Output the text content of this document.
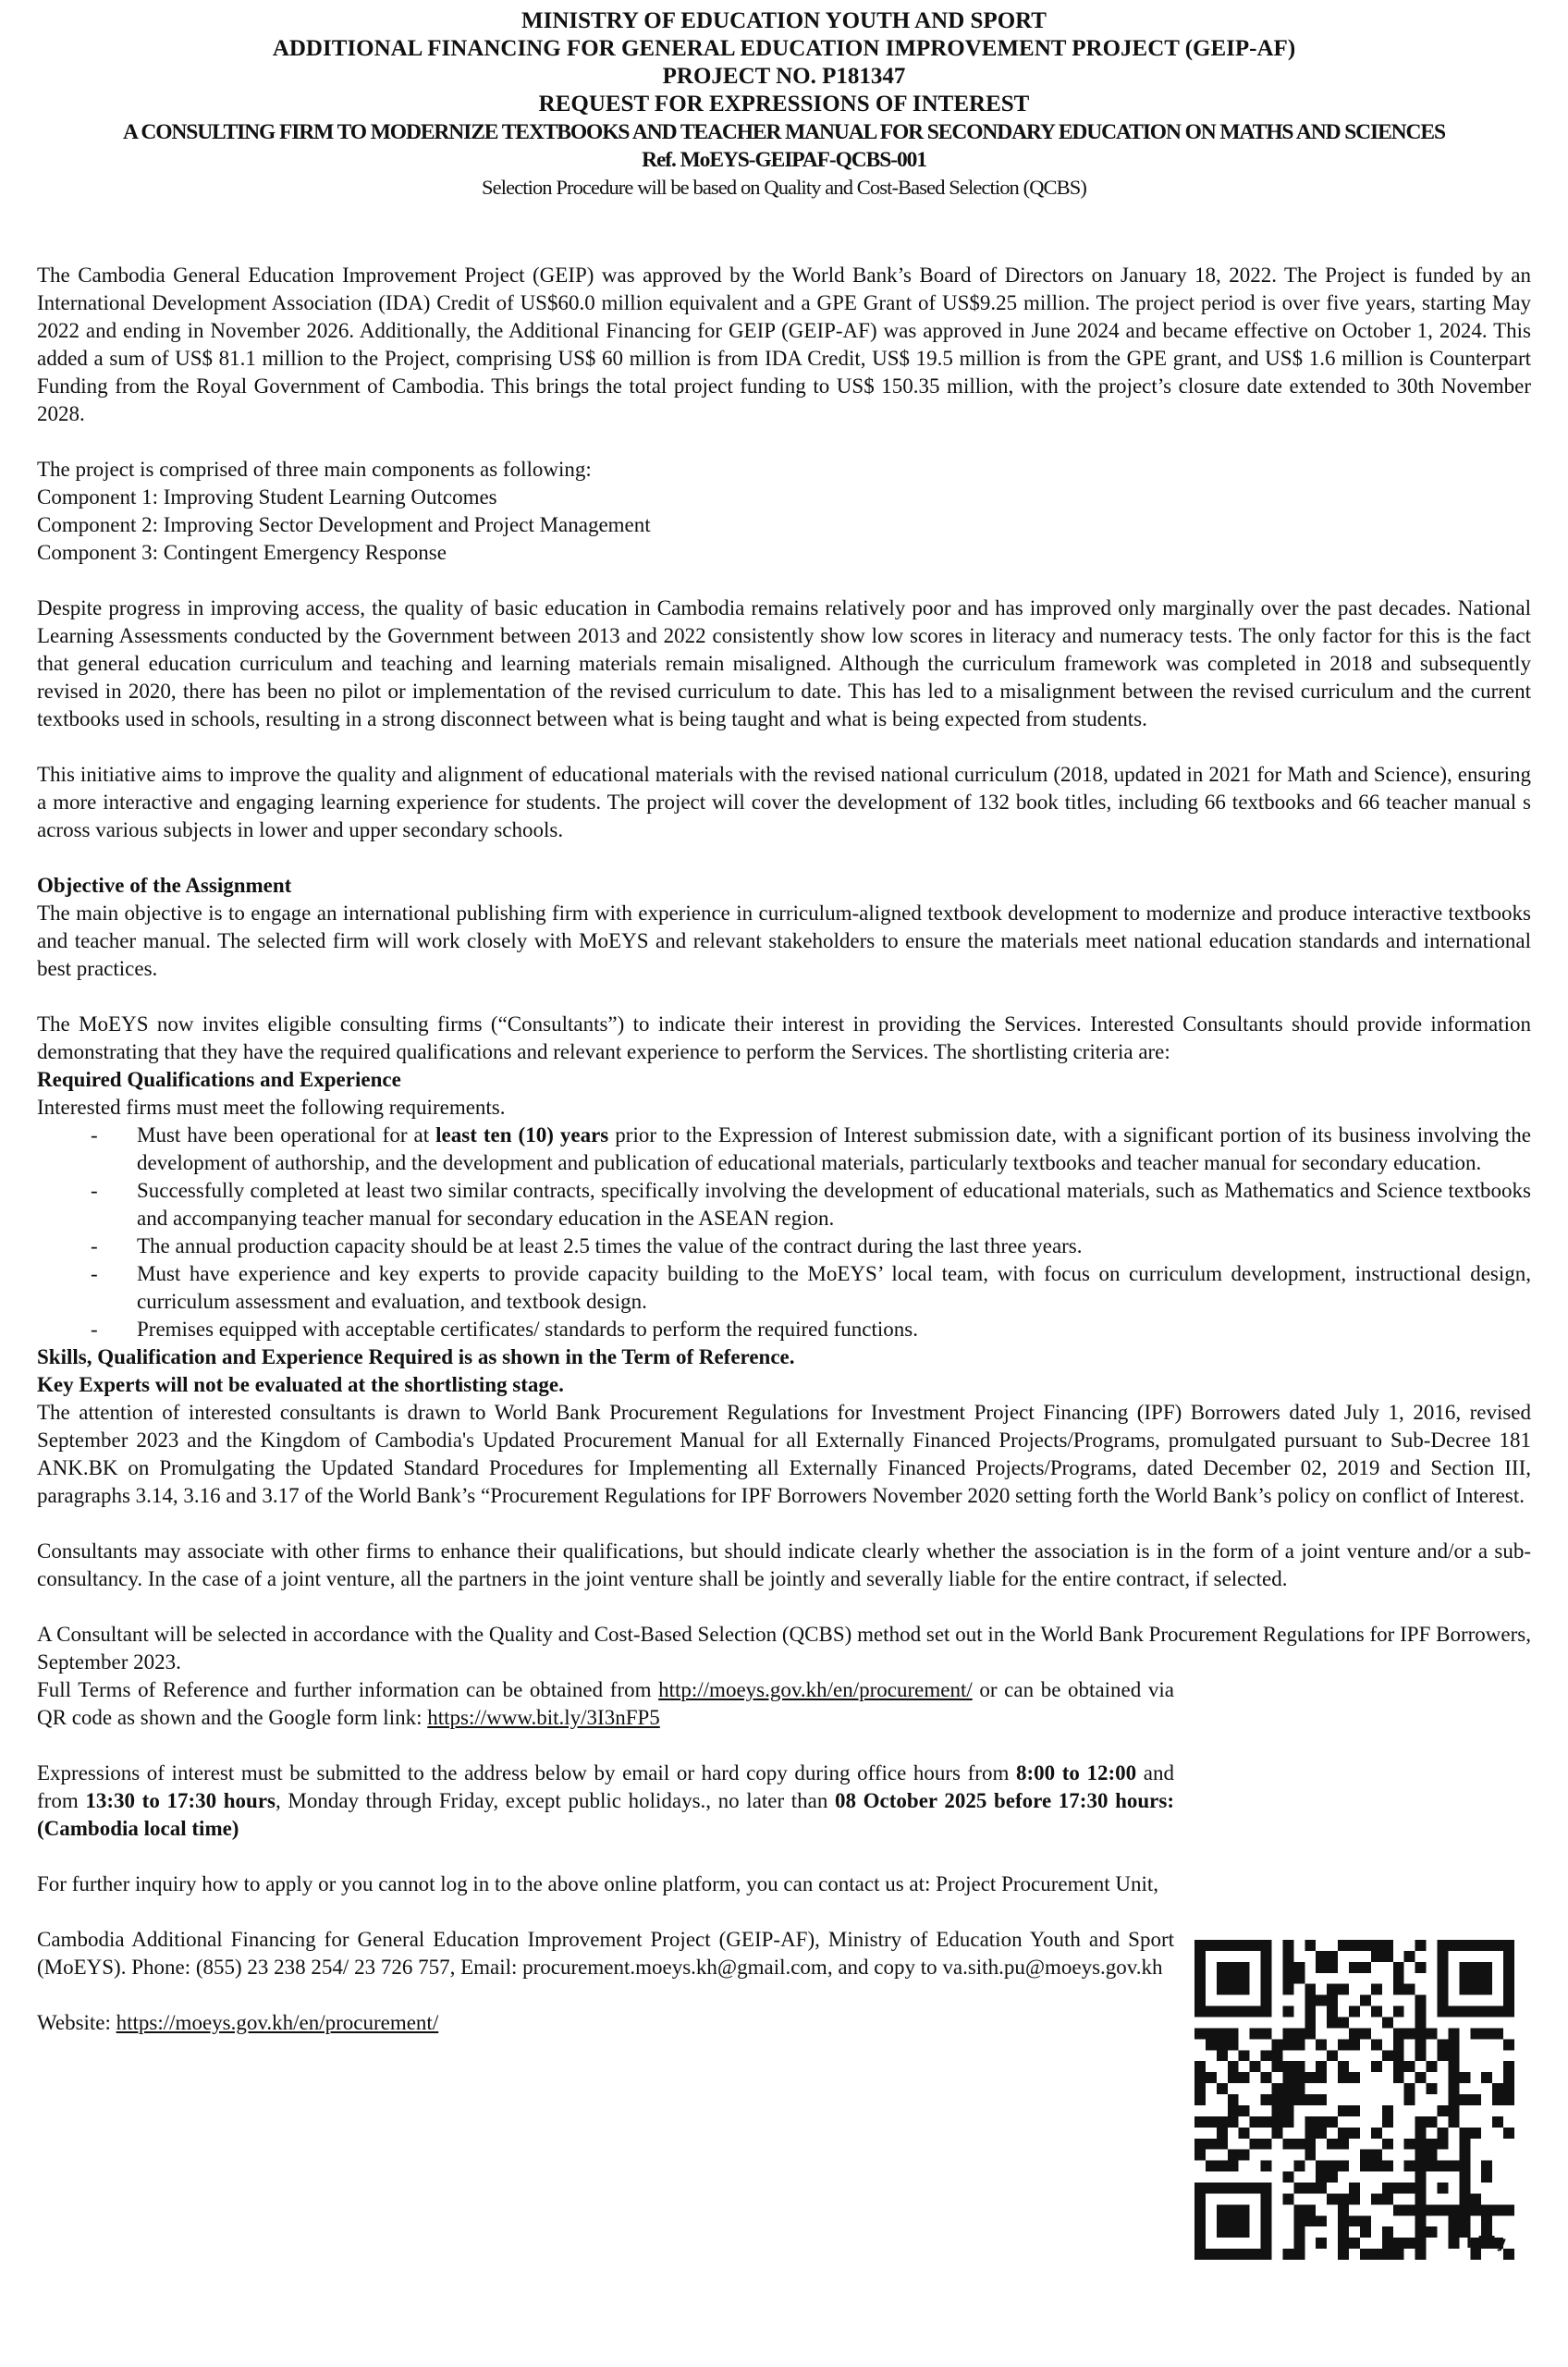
MINISTRY OF EDUCATION YOUTH AND SPORT
ADDITIONAL FINANCING FOR GENERAL EDUCATION IMPROVEMENT PROJECT (GEIP-AF)
PROJECT NO. P181347
REQUEST FOR EXPRESSIONS OF INTEREST
A CONSULTING FIRM TO MODERNIZE TEXTBOOKS AND TEACHER MANUAL FOR SECONDARY EDUCATION ON MATHS AND SCIENCES
Ref. MoEYS-GEIPAF-QCBS-001
Selection Procedure will be based on Quality and Cost-Based Selection (QCBS)

The Cambodia General Education Improvement Project (GEIP) was approved by the World Bank’s Board of Directors on January 18, 2022. The Project is funded by an International Development Association (IDA) Credit of US$60.0 million equivalent and a GPE Grant of US$9.25 million. The project period is over five years, starting May 2022 and ending in November 2026. Additionally, the Additional Financing for GEIP (GEIP-AF) was approved in June 2024 and became effective on October 1, 2024. This added a sum of US$ 81.1 million to the Project, comprising US$ 60 million is from IDA Credit, US$ 19.5 million is from the GPE grant, and US$ 1.6 million is Counterpart Funding from the Royal Government of Cambodia. This brings the total project funding to US$ 150.35 million, with the project’s closure date extended to 30th November 2028.

The project is comprised of three main components as following:
Component 1: Improving Student Learning Outcomes
Component 2: Improving Sector Development and Project Management
Component 3: Contingent Emergency Response

Despite progress in improving access, the quality of basic education in Cambodia remains relatively poor and has improved only marginally over the past decades. National Learning Assessments conducted by the Government between 2013 and 2022 consistently show low scores in literacy and numeracy tests. The only factor for this is the fact that general education curriculum and teaching and learning materials remain misaligned. Although the curriculum framework was completed in 2018 and subsequently revised in 2020, there has been no pilot or implementation of the revised curriculum to date. This has led to a misalignment between the revised curriculum and the current textbooks used in schools, resulting in a strong disconnect between what is being taught and what is being expected from students.

This initiative aims to improve the quality and alignment of educational materials with the revised national curriculum (2018, updated in 2021 for Math and Science), ensuring a more interactive and engaging learning experience for students. The project will cover the development of 132 book titles, including 66 textbooks and 66 teacher manual s across various subjects in lower and upper secondary schools.

Objective of the Assignment

The main objective is to engage an international publishing firm with experience in curriculum-aligned textbook development to modernize and produce interactive textbooks and teacher manual. The selected firm will work closely with MoEYS and relevant stakeholders to ensure the materials meet national education standards and international best practices.

The MoEYS now invites eligible consulting firms (“Consultants”) to indicate their interest in providing the Services. Interested Consultants should provide information demonstrating that they have the required qualifications and relevant experience to perform the Services. The shortlisting criteria are:

Required Qualifications and Experience
Interested firms must meet the following requirements.
- Must have been operational for at least ten (10) years prior to the Expression of Interest submission date, with a significant portion of its business involving the development of authorship, and the development and publication of educational materials, particularly textbooks and teacher manual for secondary education.
- Successfully completed at least two similar contracts, specifically involving the development of educational materials, such as Mathematics and Science textbooks and accompanying teacher manual for secondary education in the ASEAN region.
- The annual production capacity should be at least 2.5 times the value of the contract during the last three years.
- Must have experience and key experts to provide capacity building to the MoEYS’ local team, with focus on curriculum development, instructional design, curriculum assessment and evaluation, and textbook design.
- Premises equipped with acceptable certificates/ standards to perform the required functions.
Skills, Qualification and Experience Required is as shown in the Term of Reference.
Key Experts will not be evaluated at the shortlisting stage.

The attention of interested consultants is drawn to World Bank Procurement Regulations for Investment Project Financing (IPF) Borrowers dated July 1, 2016, revised September 2023 and the Kingdom of Cambodia's Updated Procurement Manual for all Externally Financed Projects/Programs, promulgated pursuant to Sub-Decree 181 ANK.BK on Promulgating the Updated Standard Procedures for Implementing all Externally Financed Projects/Programs, dated December 02, 2019 and Section III, paragraphs 3.14, 3.16 and 3.17 of the World Bank’s “Procurement Regulations for IPF Borrowers November 2020 setting forth the World Bank’s policy on conflict of Interest.

Consultants may associate with other firms to enhance their qualifications, but should indicate clearly whether the association is in the form of a joint venture and/or a sub-consultancy. In the case of a joint venture, all the partners in the joint venture shall be jointly and severally liable for the entire contract, if selected.

A Consultant will be selected in accordance with the Quality and Cost-Based Selection (QCBS) method set out in the World Bank Procurement Regulations for IPF Borrowers, September 2023.

Full Terms of Reference and further information can be obtained from http://moeys.gov.kh/en/procurement/ or can be obtained via QR code as shown and the Google form link: https://www.bit.ly/3I3nFP5

Expressions of interest must be submitted to the address below by email or hard copy during office hours from 8:00 to 12:00 and from 13:30 to 17:30 hours, Monday through Friday, except public holidays., no later than 08 October 2025 before 17:30 hours: (Cambodia local time)

For further inquiry how to apply or you cannot log in to the above online platform, you can contact us at: Project Procurement Unit,

Cambodia Additional Financing for General Education Improvement Project (GEIP-AF), Ministry of Education Youth and Sport (MoEYS). Phone: (855) 23 238 254/ 23 726 757, Email: procurement.moeys.kh@gmail.com, and copy to va.sith.pu@moeys.gov.kh

Website: https://moeys.gov.kh/en/procurement/
bitly
